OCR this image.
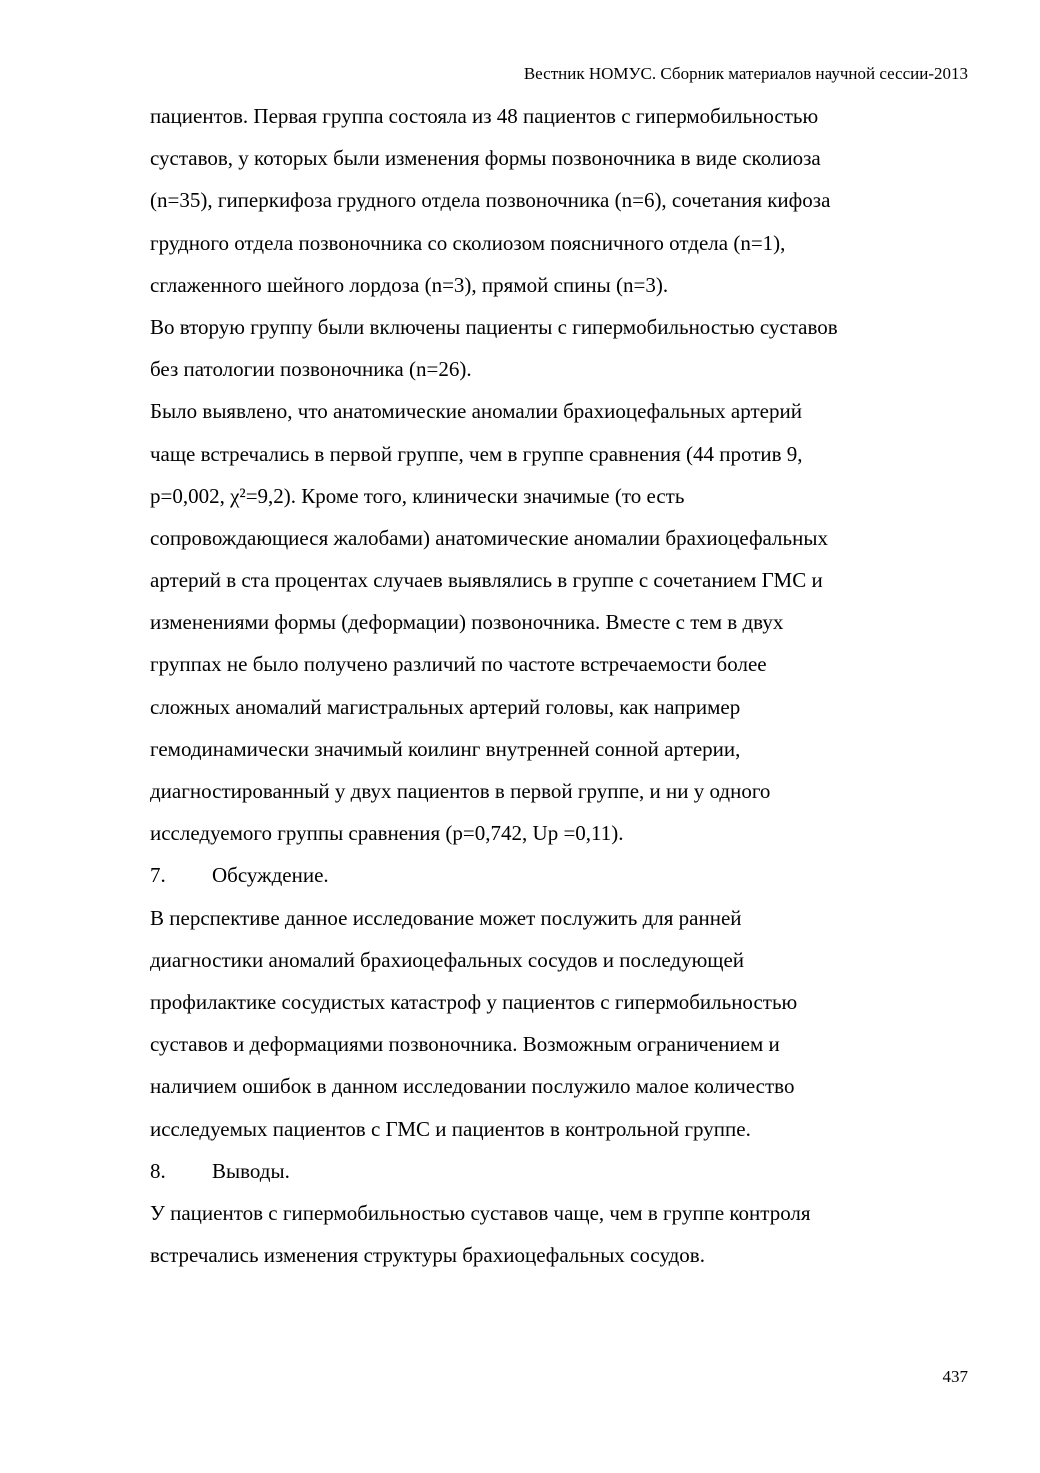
Вестник НОМУС. Сборник материалов научной сессии-2013
пациентов. Первая группа состояла из 48 пациентов с гипермобильностью
суставов, у которых были изменения формы позвоночника в виде сколиоза
(n=35), гиперкифоза грудного отдела позвоночника (n=6), сочетания кифоза
грудного отдела позвоночника со сколиозом поясничного отдела (n=1),
сглаженного шейного лордоза (n=3), прямой спины (n=3).
Во вторую группу были включены пациенты с гипермобильностью суставов
без патологии позвоночника (n=26).
Было выявлено, что анатомические аномалии брахиоцефальных артерий
чаще встречались в первой группе, чем в группе сравнения (44 против 9,
p=0,002, χ²=9,2). Кроме того, клинически значимые (то есть
сопровождающиеся жалобами) анатомические аномалии брахиоцефальных
артерий в ста процентах случаев выявлялись в группе с сочетанием ГМС и
изменениями формы (деформации) позвоночника. Вместе с тем в двух
группах не было получено различий по частоте встречаемости более
сложных аномалий магистральных артерий головы, как например
гемодинамически значимый коилинг внутренней сонной артерии,
диагностированный у двух пациентов в первой группе, и ни у одного
исследуемого группы сравнения (p=0,742, Up =0,11).
7. Обсуждение.
В перспективе данное исследование может послужить для ранней
диагностики аномалий брахиоцефальных сосудов и последующей
профилактике сосудистых катастроф у пациентов с гипермобильностью
суставов и деформациями позвоночника. Возможным ограничением и
наличием ошибок в данном исследовании послужило малое количество
исследуемых пациентов с ГМС и пациентов в контрольной группе.
8. Выводы.
У пациентов с гипермобильностью суставов чаще, чем в группе контроля
встречались изменения структуры брахиоцефальных сосудов.
437
